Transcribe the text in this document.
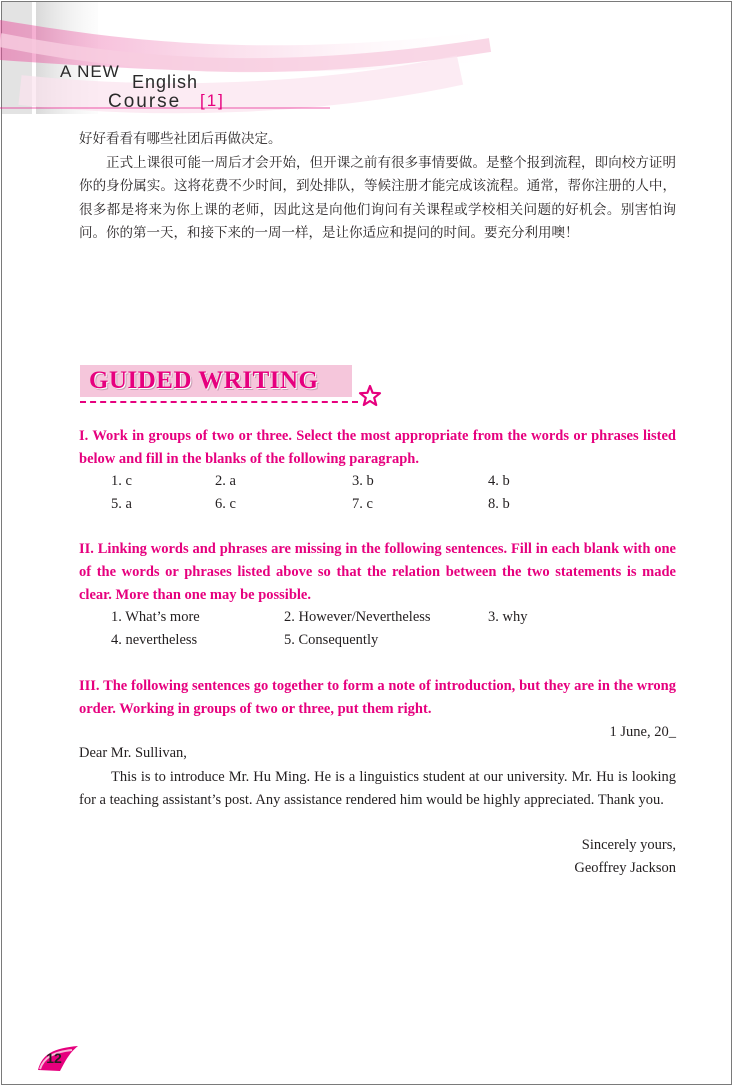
A NEW
English
Course [1]

好好看看有哪些社团后再做决定。

正式上课很可能一周后才会开始，但开课之前有很多事情要做。是整个报到流程，即向校方证明你的身份属实。这将花费不少时间，到处排队，等候注册才能完成该流程。通常，帮你注册的人中，很多都是将来为你上课的老师，因此这是向他们询问有关课程或学校相关问题的好机会。别害怕询问。你的第一天，和接下来的一周一样，是让你适应和提问的时间。要充分利用噢！

GUIDED WRITING

I. Work in groups of two or three. Select the most appropriate from the words or phrases listed below and fill in the blanks of the following paragraph.

1. c	2. a	3. b	4. b
5. a	6. c	7. c	8. b

II. Linking words and phrases are missing in the following sentences. Fill in each blank with one of the words or phrases listed above so that the relation between the two statements is made clear. More than one may be possible.

1. What’s more	2. However/Nevertheless	3. why
4. nevertheless	5. Consequently

III. The following sentences go together to form a note of introduction, but they are in the wrong order. Working in groups of two or three, put them right.

1 June, 20_
Dear Mr. Sullivan,

This is to introduce Mr. Hu Ming. He is a linguistics student at our university. Mr. Hu is looking for a teaching assistant’s post. Any assistance rendered him would be highly appreciated. Thank you.

Sincerely yours,
Geoffrey Jackson
12
